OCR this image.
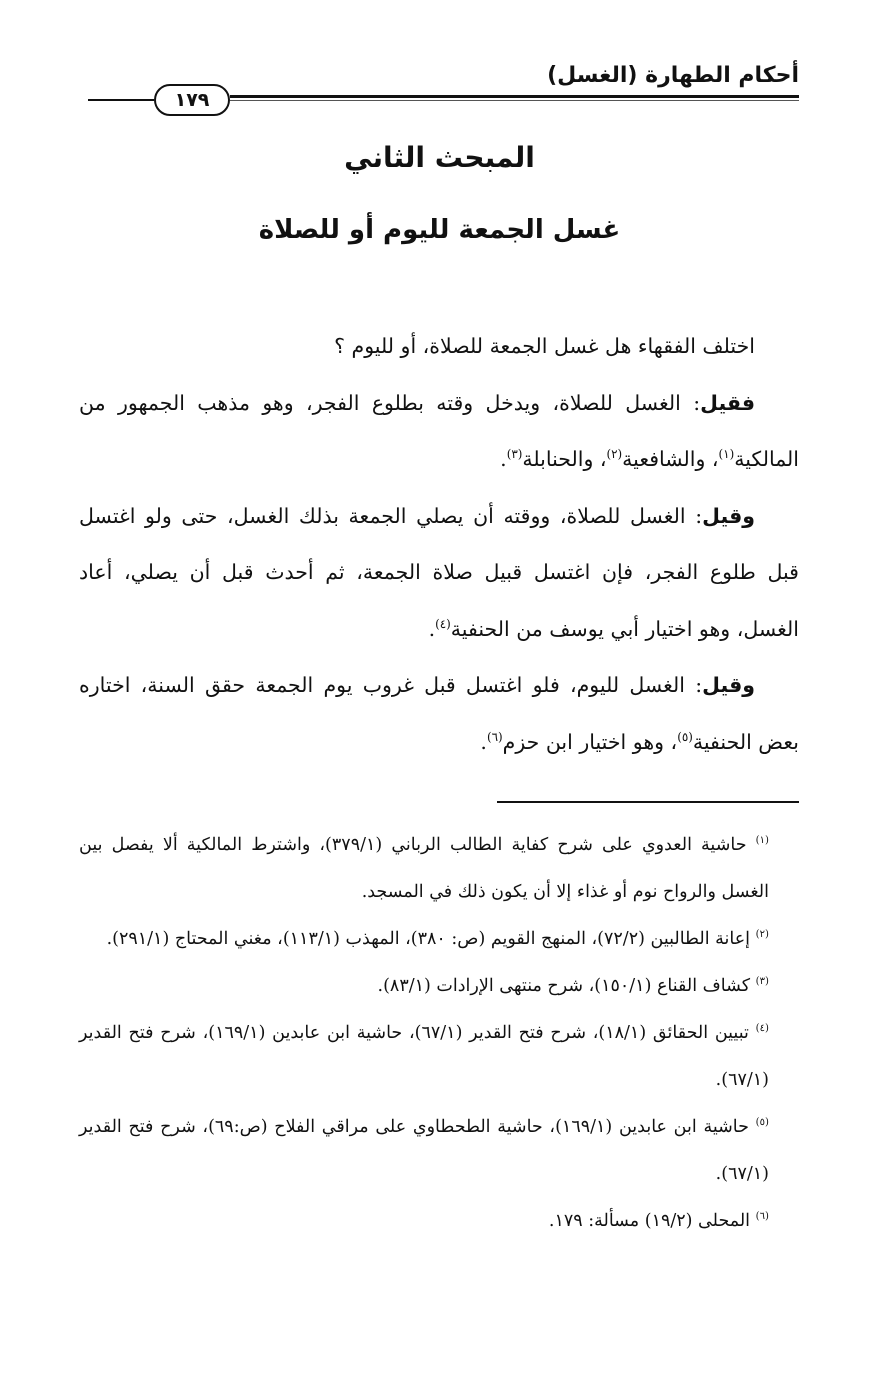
أحكام الطهارة (الغسل)
١٧٩
المبحث الثاني
غسل الجمعة لليوم أو للصلاة

اختلف الفقهاء هل غسل الجمعة للصلاة، أو لليوم ؟

فقيل: الغسل للصلاة، ويدخل وقته بطلوع الفجر، وهو مذهب الجمهور من المالكية$^{(١)}$، والشافعية$^{(٢)}$، والحنابلة$^{(٣)}$.

وقيل: الغسل للصلاة، ووقته أن يصلي الجمعة بذلك الغسل، حتى ولو اغتسل قبل طلوع الفجر، فإن اغتسل قبيل صلاة الجمعة، ثم أحدث قبل أن يصلي، أعاد الغسل، وهو اختيار أبي يوسف من الحنفية$^{(٤)}$.

وقيل: الغسل لليوم، فلو اغتسل قبل غروب يوم الجمعة حقق السنة، اختاره بعض الحنفية$^{(٥)}$، وهو اختيار ابن حزم$^{(٦)}$.

$^{(١)}$ حاشية العدوي على شرح كفاية الطالب الرباني (٣٧٩/١)، واشترط المالكية ألا يفصل بين الغسل والرواح نوم أو غذاء إلا أن يكون ذلك في المسجد.

$^{(٢)}$ إعانة الطالبين (٧٢/٢)، المنهج القويم (ص: ٣٨٠)، المهذب (١١٣/١)، مغني المحتاج (٢٩١/١).

$^{(٣)}$ كشاف القناع (١٥٠/١)، شرح منتهى الإرادات (٨٣/١).

$^{(٤)}$ تبيين الحقائق (١٨/١)، شرح فتح القدير (٦٧/١)، حاشية ابن عابدين (١٦٩/١)، شرح فتح القدير (٦٧/١).

$^{(٥)}$ حاشية ابن عابدين (١٦٩/١)، حاشية الطحطاوي على مراقي الفلاح (ص:٦٩)، شرح فتح القدير (٦٧/١).

$^{(٦)}$ المحلى (١٩/٢) مسألة: ١٧٩.
